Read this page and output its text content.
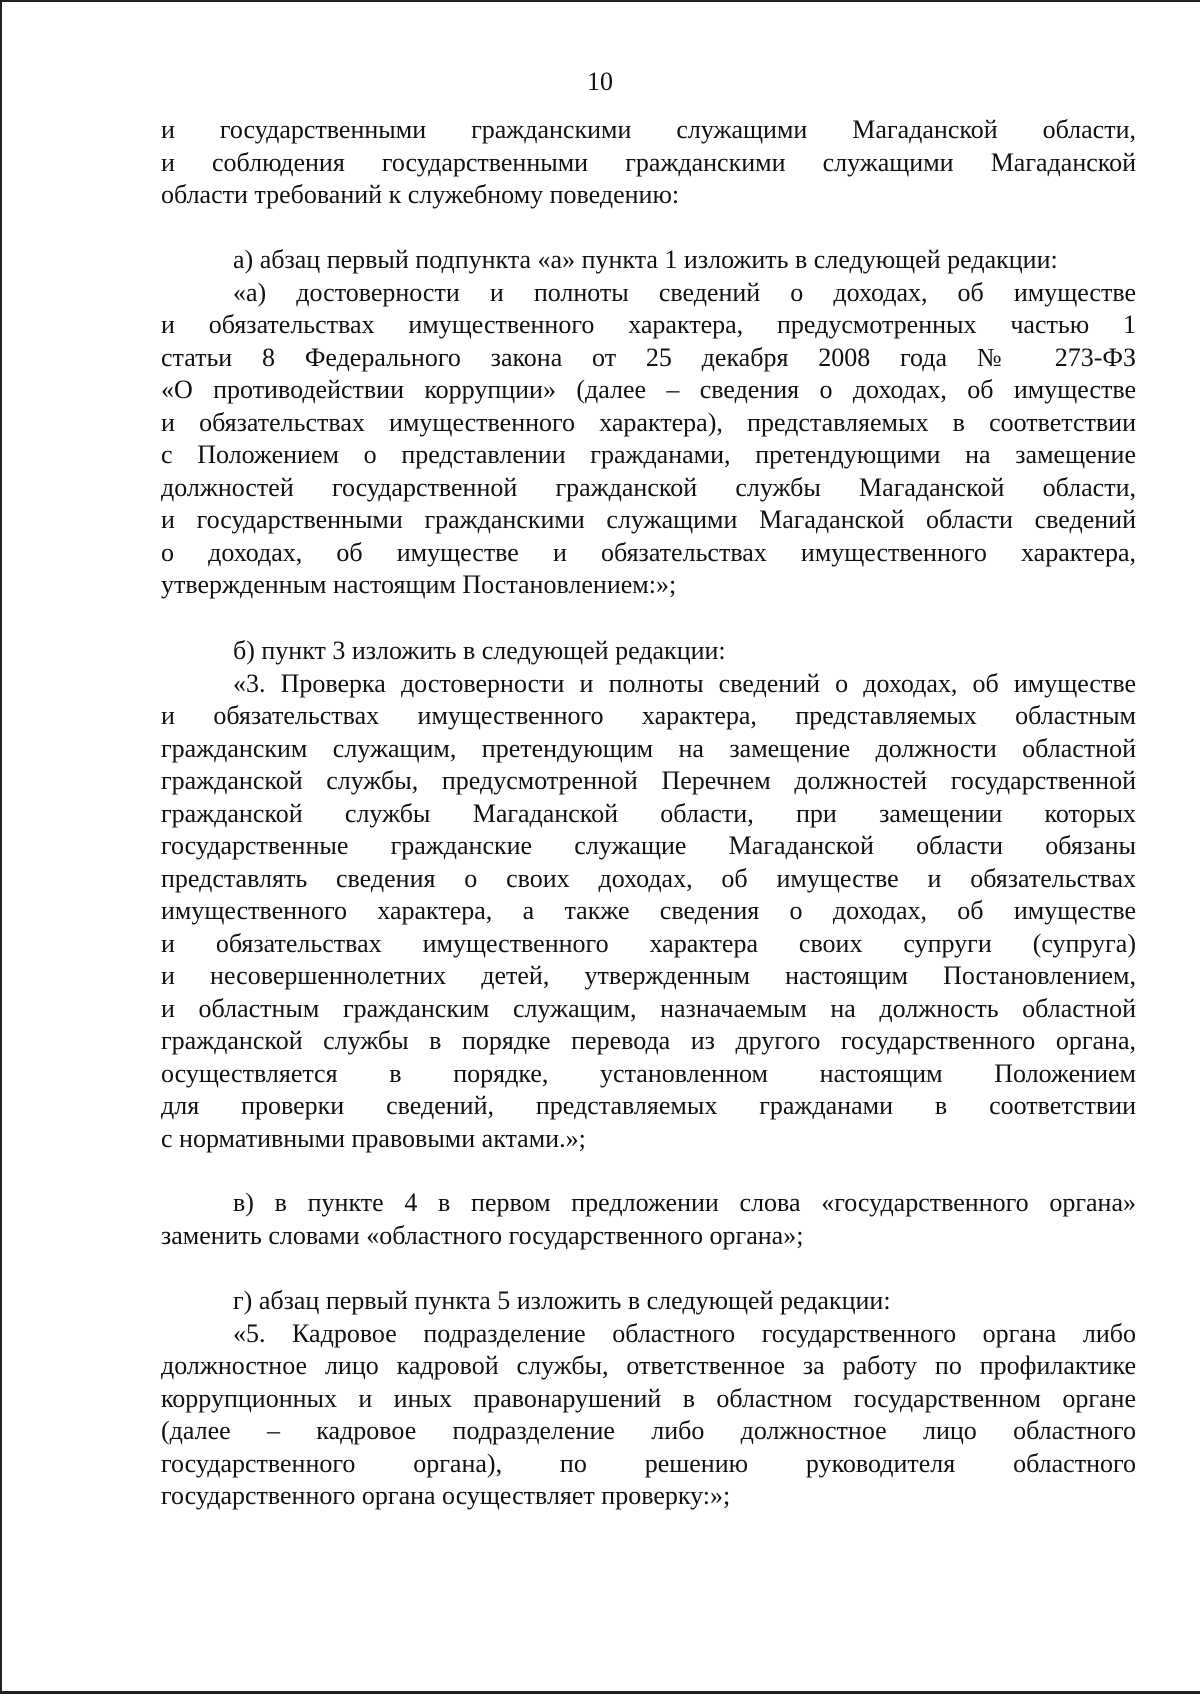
10

и государственными гражданскими служащими Магаданской области,

и соблюдения государственными гражданскими служащими Магаданской

области требований к служебному поведению:

а) абзац первый подпункта «а» пункта 1 изложить в следующей редакции:

«а) достоверности и полноты сведений о доходах, об имуществе

и обязательствах имущественного характера, предусмотренных частью 1

статьи 8 Федерального закона от 25 декабря 2008 года № 273-ФЗ

«О противодействии коррупции» (далее – сведения о доходах, об имуществе

и обязательствах имущественного характера), представляемых в соответствии

с Положением о представлении гражданами, претендующими на замещение

должностей государственной гражданской службы Магаданской области,

и государственными гражданскими служащими Магаданской области сведений

о доходах, об имуществе и обязательствах имущественного характера,

утвержденным настоящим Постановлением:»;

б) пункт 3 изложить в следующей редакции:

«3. Проверка достоверности и полноты сведений о доходах, об имуществе

и обязательствах имущественного характера, представляемых областным

гражданским служащим, претендующим на замещение должности областной

гражданской службы, предусмотренной Перечнем должностей государственной

гражданской службы Магаданской области, при замещении которых

государственные гражданские служащие Магаданской области обязаны

представлять сведения о своих доходах, об имуществе и обязательствах

имущественного характера, а также сведения о доходах, об имуществе

и обязательствах имущественного характера своих супруги (супруга)

и несовершеннолетних детей, утвержденным настоящим Постановлением,

и областным гражданским служащим, назначаемым на должность областной

гражданской службы в порядке перевода из другого государственного органа,

осуществляется в порядке, установленном настоящим Положением

для проверки сведений, представляемых гражданами в соответствии

с нормативными правовыми актами.»;

в) в пункте 4 в первом предложении слова «государственного органа»

заменить словами «областного государственного органа»;

г) абзац первый пункта 5 изложить в следующей редакции:

«5. Кадровое подразделение областного государственного органа либо

должностное лицо кадровой службы, ответственное за работу по профилактике

коррупционных и иных правонарушений в областном государственном органе

(далее – кадровое подразделение либо должностное лицо областного

государственного органа), по решению руководителя областного

государственного органа осуществляет проверку:»;
